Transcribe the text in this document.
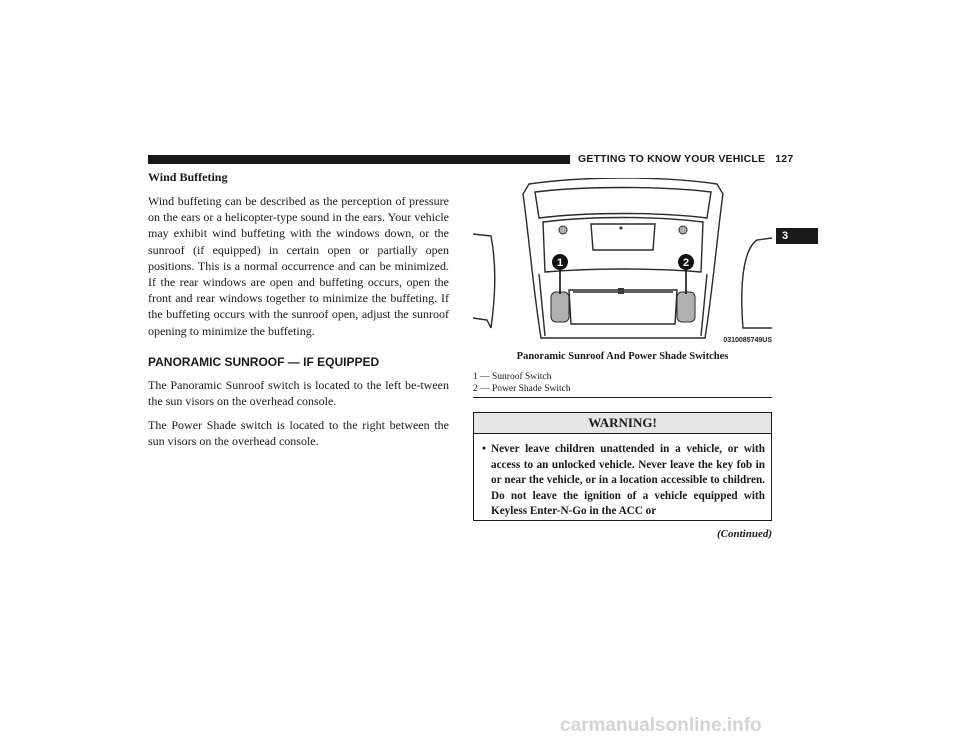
GETTING TO KNOW YOUR VEHICLE 127
3
Wind Buffeting

Wind buffeting can be described as the perception of pressure on the ears or a helicopter-type sound in the ears. Your vehicle may exhibit wind buffeting with the windows down, or the sunroof (if equipped) in certain open or partially open positions. This is a normal occurrence and can be minimized. If the rear windows are open and buffeting occurs, open the front and rear windows together to minimize the buffeting. If the buffeting occurs with the sunroof open, adjust the sunroof opening to minimize the buffeting.

PANORAMIC SUNROOF — IF EQUIPPED

The Panoramic Sunroof switch is located to the left be-tween the sun visors on the overhead console.

The Power Shade switch is located to the right between the sun visors on the overhead console.

1	2
0310085749US
Panoramic Sunroof And Power Shade Switches
1 — Sunroof Switch
2 — Power Shade Switch
WARNING!
• Never leave children unattended in a vehicle, or with access to an unlocked vehicle. Never leave the key fob in or near the vehicle, or in a location accessible to children. Do not leave the ignition of a vehicle equipped with Keyless Enter-N-Go in the ACC or
(Continued)
carmanualsonline.info
